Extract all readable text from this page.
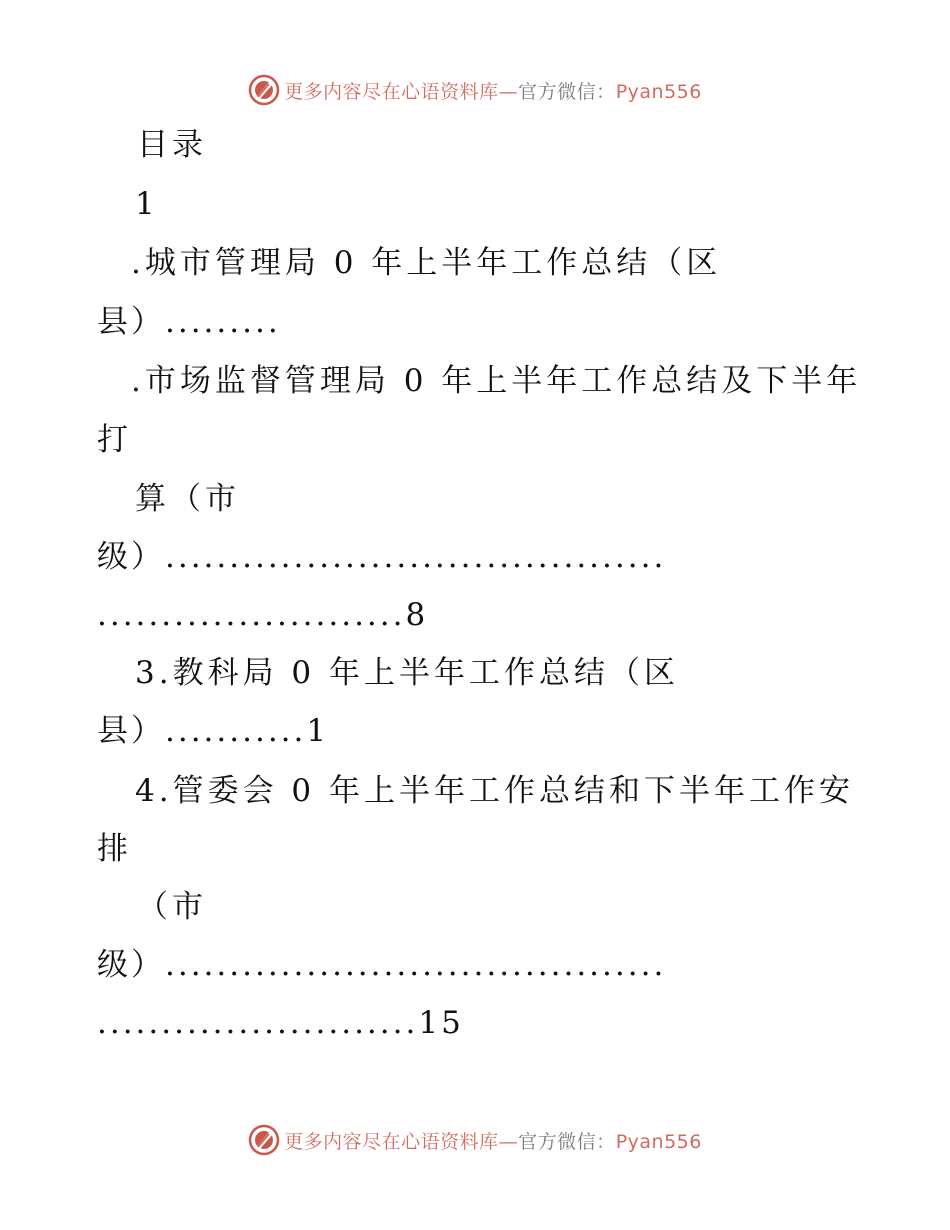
更多内容尽在心语资料库—官方微信：Pyan556
目录
1
.城市管理局 0 年上半年工作总结（区
县）.........
.市场监督管理局 0 年上半年工作总结及下半年
打
算（市
级）.......................................
........................8
3.教科局 0 年上半年工作总结（区
县）...........1
4.管委会 0 年上半年工作总结和下半年工作安
排
（市
级）.......................................
.........................15
更多内容尽在心语资料库—官方微信：Pyan556
